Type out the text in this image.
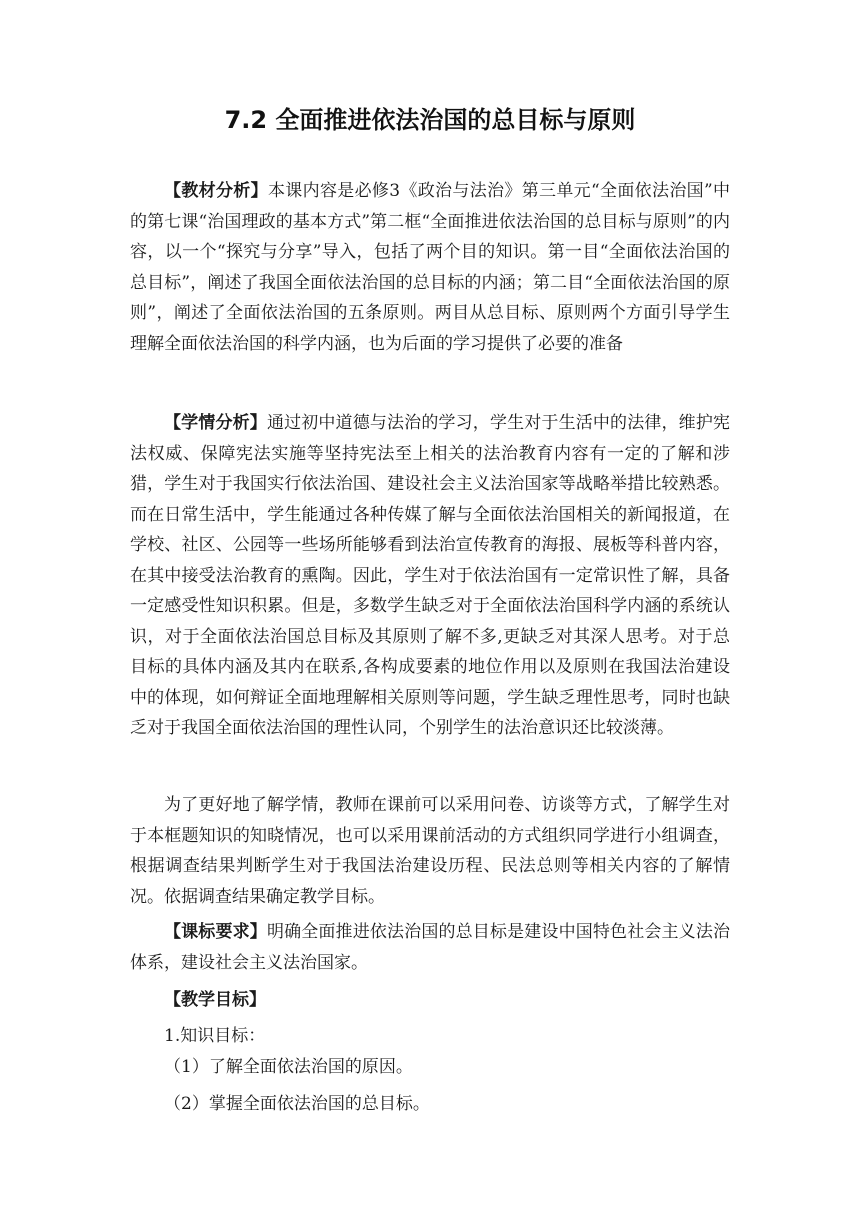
7.2 全面推进依法治国的总目标与原则

【教材分析】本课内容是必修3《政治与法治》第三单元“全面依法治国”中的第七课“治国理政的基本方式”第二框“全面推进依法治国的总目标与原则”的内容，以一个“探究与分享”导入，包括了两个目的知识。第一目“全面依法治国的总目标”，阐述了我国全面依法治国的总目标的内涵；第二目“全面依法治国的原则”，阐述了全面依法治国的五条原则。两目从总目标、原则两个方面引导学生理解全面依法治国的科学内涵，也为后面的学习提供了必要的准备

【学情分析】通过初中道德与法治的学习，学生对于生活中的法律，维护宪法权威、保障宪法实施等坚持宪法至上相关的法治教育内容有一定的了解和涉猎，学生对于我国实行依法治国、建设社会主义法治国家等战略举措比较熟悉。而在日常生活中，学生能通过各种传媒了解与全面依法治国相关的新闻报道，在学校、社区、公园等一些场所能够看到法治宣传教育的海报、展板等科普内容，在其中接受法治教育的熏陶。因此，学生对于依法治国有一定常识性了解，具备一定感受性知识积累。但是，多数学生缺乏对于全面依法治国科学内涵的系统认识，对于全面依法治国总目标及其原则了解不多,更缺乏对其深人思考。对于总目标的具体内涵及其内在联系,各构成要素的地位作用以及原则在我国法治建设中的体现，如何辩证全面地理解相关原则等问题，学生缺乏理性思考，同时也缺乏对于我国全面依法治国的理性认同，个别学生的法治意识还比较淡薄。

为了更好地了解学情，教师在课前可以采用问卷、访谈等方式，了解学生对于本框题知识的知晓情况，也可以采用课前活动的方式组织同学进行小组调查，根据调查结果判断学生对于我国法治建设历程、民法总则等相关内容的了解情况。依据调查结果确定教学目标。

【课标要求】明确全面推进依法治国的总目标是建设中国特色社会主义法治体系，建设社会主义法治国家。

【教学目标】

1.知识目标：

（1）了解全面依法治国的原因。

（2）掌握全面依法治国的总目标。
